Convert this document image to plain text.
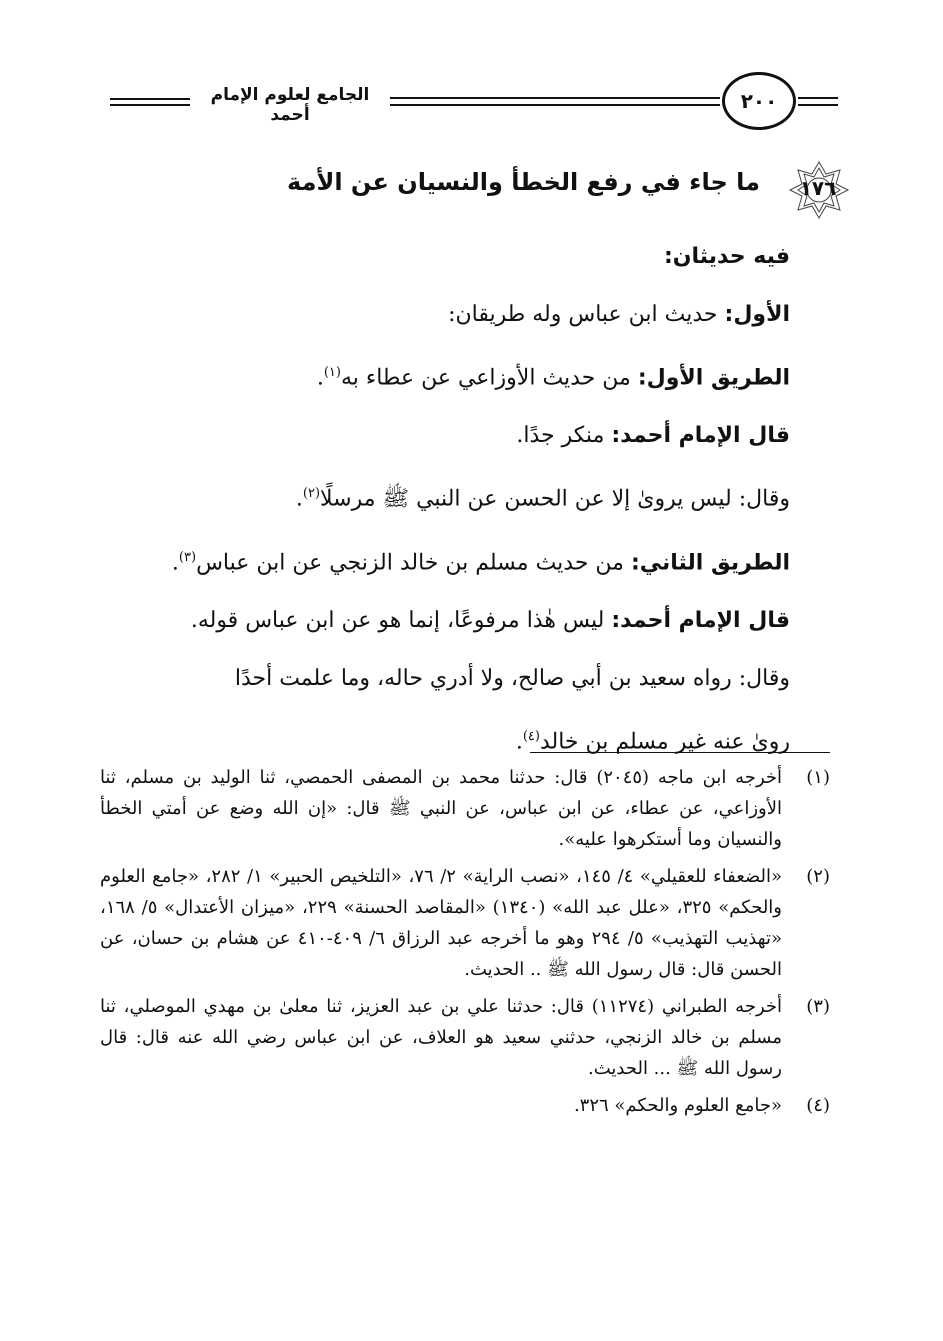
الجامع لعلوم الإمام أحمد
٢٠٠
١٧٦
ما جاء في رفع الخطأ والنسيان عن الأمة

فيه حديثان:

الأول: حديث ابن عباس وله طريقان:

الطريق الأول: من حديث الأوزاعي عن عطاء به$^{(١)}$.

قال الإمام أحمد: منكر جدًا.

وقال: ليس يروىٰ إلا عن الحسن عن النبي ﷺ مرسلًا$^{(٢)}$.

الطريق الثاني: من حديث مسلم بن خالد الزنجي عن ابن عباس$^{(٣)}$.

قال الإمام أحمد: ليس هٰذا مرفوعًا، إنما هو عن ابن عباس قوله.

وقال: رواه سعيد بن أبي صالح، ولا أدري حاله، وما علمت أحدًا

روىٰ عنه غير مسلم بن خالد$^{(٤)}$.

(١)
أخرجه ابن ماجه (٢٠٤٥) قال: حدثنا محمد بن المصفى الحمصي، ثنا الوليد بن مسلم، ثنا الأوزاعي، عن عطاء، عن ابن عباس، عن النبي ﷺ قال: «إن الله وضع عن أمتي الخطأ والنسيان وما أستكرهوا عليه».
(٢)
«الضعفاء للعقيلي» ٤/ ١٤٥، «نصب الراية» ٢/ ٧٦، «التلخيص الحبير» ١/ ٢٨٢، «جامع العلوم والحكم» ٣٢٥، «علل عبد الله» (١٣٤٠) «المقاصد الحسنة» ٢٢٩، «ميزان الأعتدال» ٥/ ١٦٨، «تهذيب التهذيب» ٥/ ٢٩٤ وهو ما أخرجه عبد الرزاق ٦/ ٤٠٩-٤١٠ عن هشام بن حسان، عن الحسن قال: قال رسول الله ﷺ .. الحديث.
(٣)
أخرجه الطبراني (١١٢٧٤) قال: حدثنا علي بن عبد العزيز، ثنا معلىٰ بن مهدي الموصلي، ثنا مسلم بن خالد الزنجي، حدثني سعيد هو العلاف، عن ابن عباس رضي الله عنه قال: قال رسول الله ﷺ ... الحديث.
(٤)
«جامع العلوم والحكم» ٣٢٦.
